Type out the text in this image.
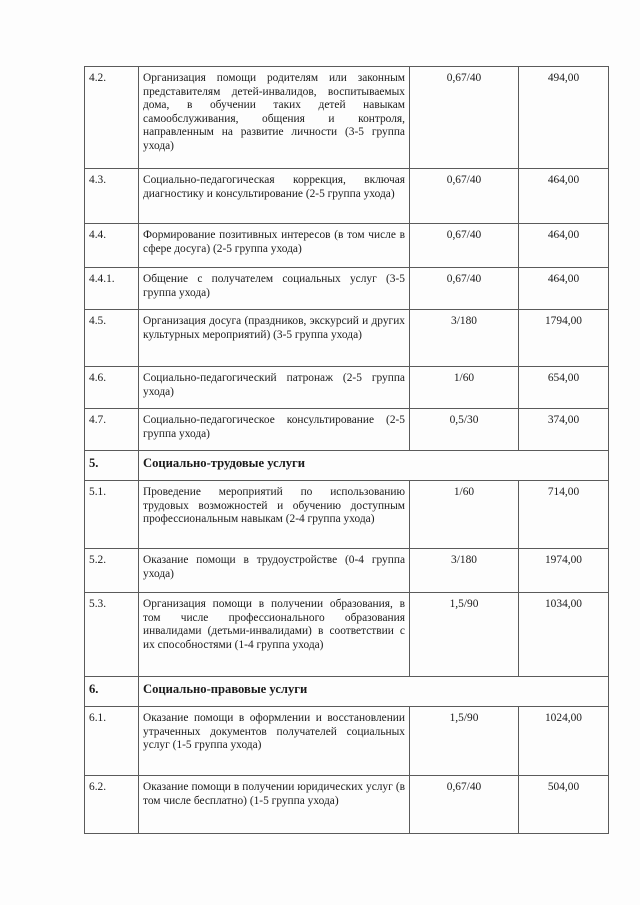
4.2.	Организация помощи родителям или законным представителям детей-инвалидов, воспитываемых дома, в обучении таких детей навыкам самообслуживания, общения и контроля, направленным на развитие личности (3-5 группа ухода)	0,67/40	494,00
4.3.	Социально-педагогическая коррекция, включая диагностику и консультирование (2-5 группа ухода)	0,67/40	464,00
4.4.	Формирование позитивных интересов (в том числе в сфере досуга) (2-5 группа ухода)	0,67/40	464,00
4.4.1.	Общение с получателем социальных услуг (3-5 группа ухода)	0,67/40	464,00
4.5.	Организация досуга (праздников, экскурсий и других культурных мероприятий) (3-5 группа ухода)	3/180	1794,00
4.6.	Социально-педагогический патронаж (2-5 группа ухода)	1/60	654,00
4.7.	Социально-педагогическое консультирование (2-5 группа ухода)	0,5/30	374,00
5.	Социально-трудовые услуги		
5.1.	Проведение мероприятий по использованию трудовых возможностей и обучению доступным профессиональным навыкам (2-4 группа ухода)	1/60	714,00
5.2.	Оказание помощи в трудоустройстве (0-4 группа ухода)	3/180	1974,00
5.3.	Организация помощи в получении образования, в том числе профессионального образования инвалидами (детьми-инвалидами) в соответствии с их способностями (1-4 группа ухода)	1,5/90	1034,00
6.	Социально-правовые услуги		
6.1.	Оказание помощи в оформлении и восстановлении утраченных документов получателей социальных услуг (1-5 группа ухода)	1,5/90	1024,00
6.2.	Оказание помощи в получении юридических услуг (в том числе бесплатно) (1-5 группа ухода)	0,67/40	504,00
